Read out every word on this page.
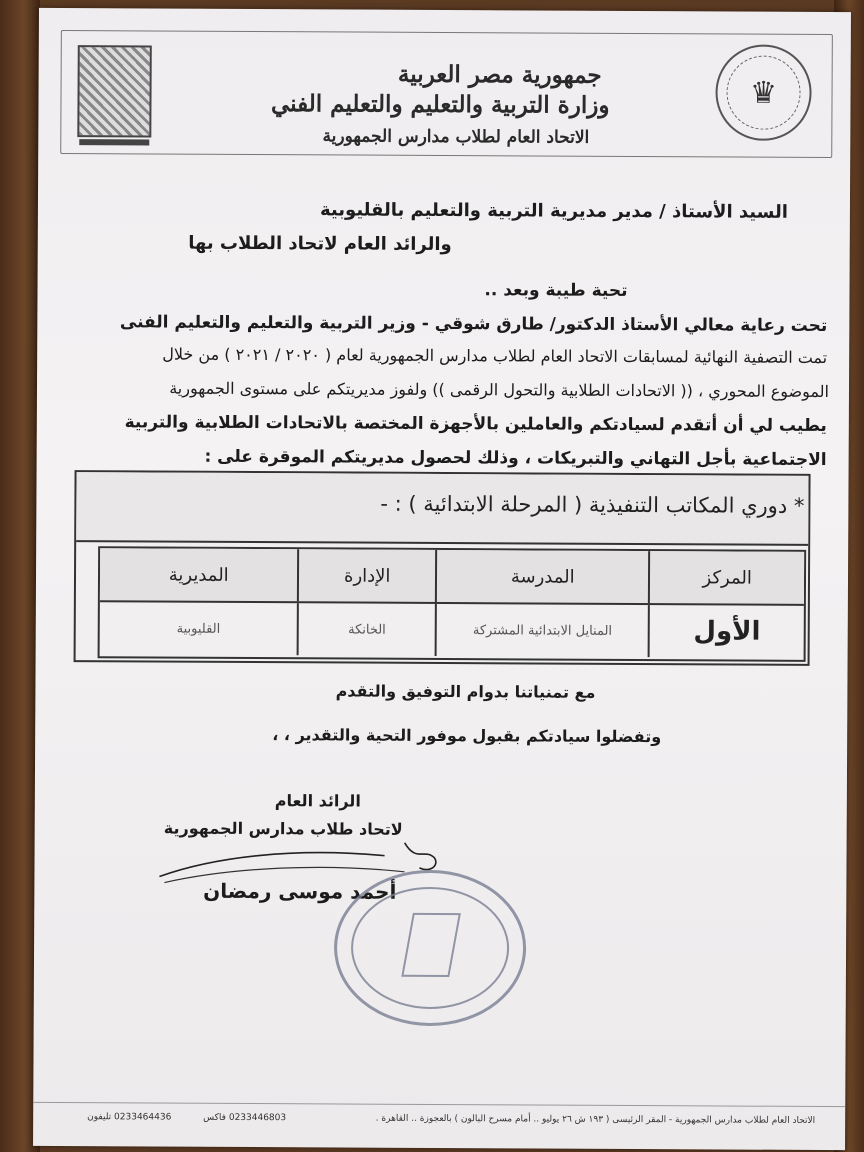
♛
جمهورية مصر العربية
وزارة التربية والتعليم والتعليم الفني
الاتحاد العام لطلاب مدارس الجمهورية
السيد الأستاذ / مدير مديرية التربية والتعليم بالقليوبية
والرائد العام لاتحاد الطلاب بها
تحية طيبة وبعد ..
تحت رعاية معالي الأستاذ الدكتور/ طارق شوقي - وزير التربية والتعليم والتعليم الفنى
تمت التصفية النهائية لمسابقات الاتحاد العام لطلاب مدارس الجمهورية لعام ( ٢٠٢٠ / ٢٠٢١ ) من خلال
الموضوع المحوري ، (( الاتحادات الطلابية والتحول الرقمى )) ولفوز مديريتكم على مستوى الجمهورية
يطيب لي أن أتقدم لسيادتكم والعاملين بالأجهزة المختصة بالاتحادات الطلابية والتربية
الاجتماعية بأجل التهاني والتبريكات ، وذلك لحصول مديريتكم الموقرة على :
* دوري المكاتب التنفيذية ( المرحلة الابتدائية ) : -
المركز
المدرسة
الإدارة
المديرية
الأول
المنايل الابتدائية المشتركة
الخانكة
القليوبية
مع تمنياتنا بدوام التوفيق والتقدم
وتفضلوا سيادتكم بقبول موفور التحية والتقدير ، ،
الرائد العام
لاتحاد طلاب مدارس الجمهورية
أحمد موسى رمضان
الاتحاد العام لطلاب مدارس الجمهورية - المقر الرئيسى ( ١٩٣ ش ٢٦ يوليو .. أمام مسرح البالون ) بالعجوزة .. القاهرة .
0233446803 فاكس
0233464436 تليفون
